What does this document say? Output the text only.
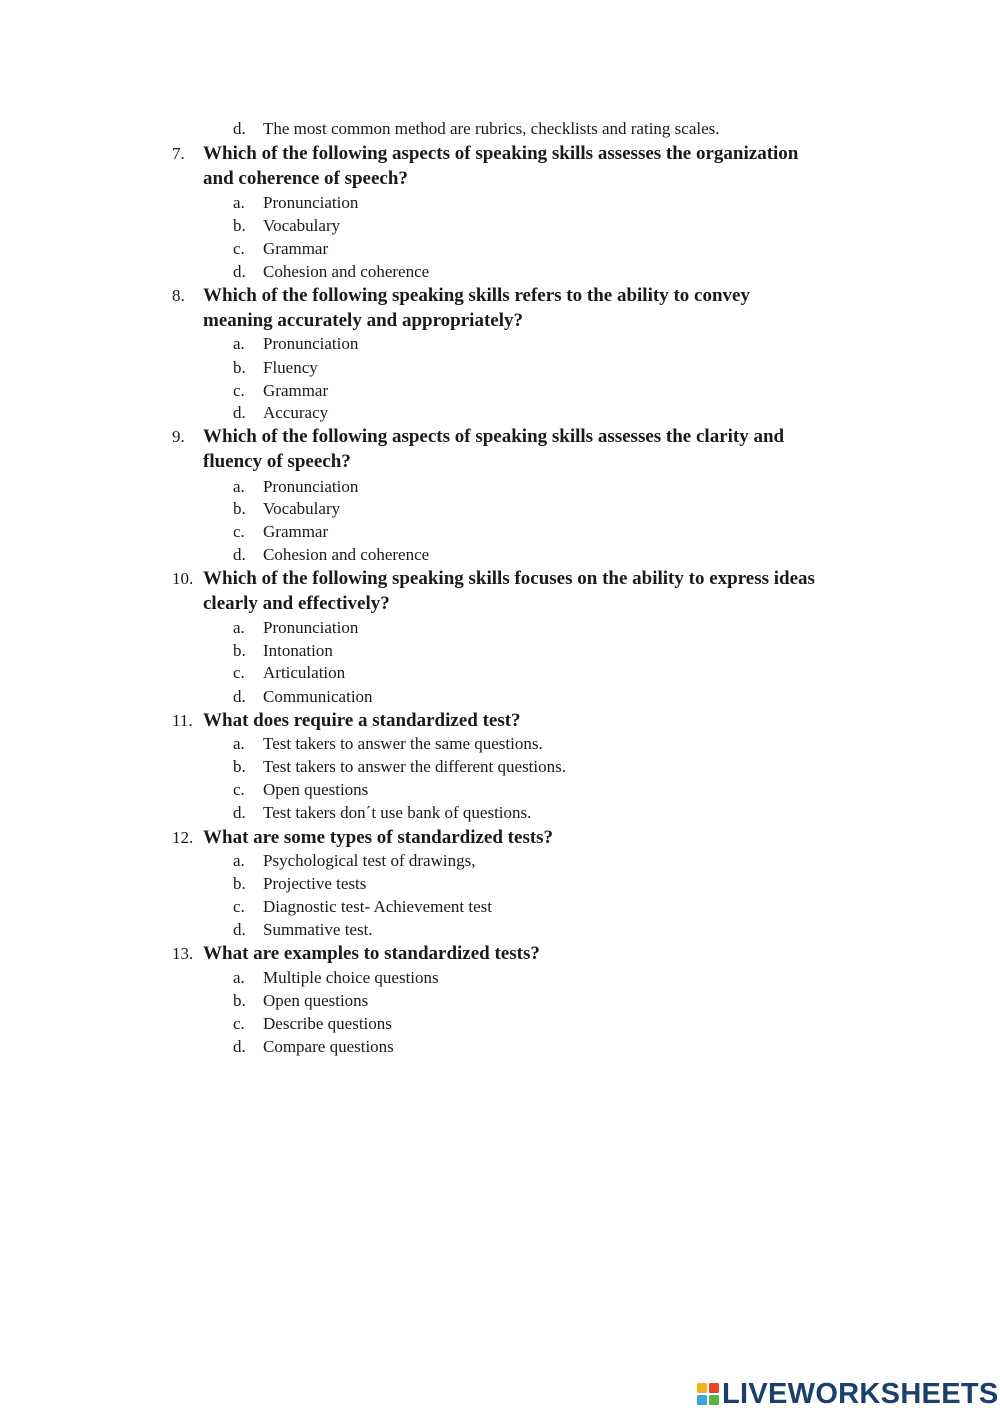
d. The most common method are rubrics, checklists and rating scales.
7. Which of the following aspects of speaking skills assesses the organization
and coherence of speech?
a. Pronunciation
b. Vocabulary
c. Grammar
d. Cohesion and coherence
8. Which of the following speaking skills refers to the ability to convey
meaning accurately and appropriately?
a. Pronunciation
b. Fluency
c. Grammar
d. Accuracy
9. Which of the following aspects of speaking skills assesses the clarity and
fluency of speech?
a. Pronunciation
b. Vocabulary
c. Grammar
d. Cohesion and coherence
10. Which of the following speaking skills focuses on the ability to express ideas
clearly and effectively?
a. Pronunciation
b. Intonation
c. Articulation
d. Communication
11. What does require a standardized test?
a. Test takers to answer the same questions.
b. Test takers to answer the different questions.
c. Open questions
d. Test takers don´t use bank of questions.
12. What are some types of standardized tests?
a. Psychological test of drawings,
b. Projective tests
c. Diagnostic test- Achievement test
d. Summative test.
13. What are examples to standardized tests?
a. Multiple choice questions
b. Open questions
c. Describe questions
d. Compare questions
LIVEWORKSHEETS
